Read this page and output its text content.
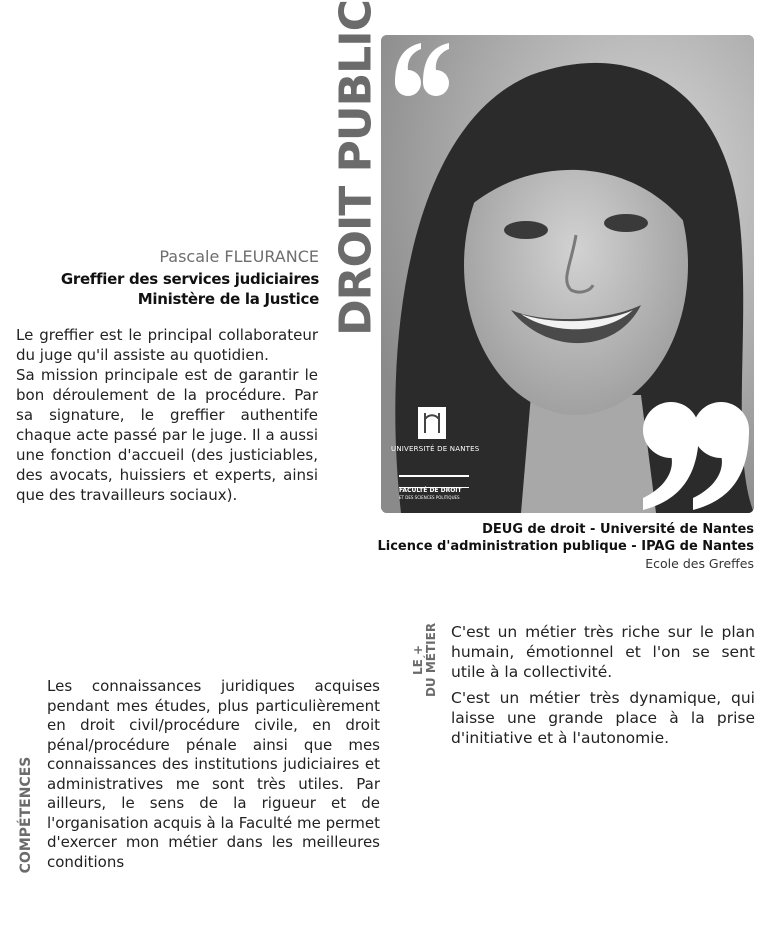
DROIT PUBLIC
Pascale FLEURANCE
Greffier des services judiciaires
Ministère de la Justice

Le greffier est le principal collaborateur du juge qu'il assiste au quotidien.

Sa mission principale est de garantir le bon déroulement de la procédure. Par sa signature, le greffier authentife chaque acte passé par le juge. Il a aussi une fonction d'accueil (des justiciables, des avocats, huissiers et experts, ainsi que des travailleurs sociaux).

UNIVERSITÉ DE NANTES
FACULTÉ DE DROIT
ET DES SCIENCES POLITIQUES
DEUG de droit - Université de Nantes
Licence d'administration publique - IPAG de Nantes
Ecole des Greffes
LE + DU MÉTIER C'est un métier très riche sur le plan humain, émotionnel et l'on se sent utile à la collectivité.

C'est un métier très dynamique, qui laisse une grande place à la prise d'initiative et à l'autonomie.

COMPÉTENCES

Les connaissances juridiques acquises pendant mes études, plus particulièrement en droit civil/procédure civile, en droit pénal/procédure pénale ainsi que mes connaissances des institutions judiciaires et administratives me sont très utiles. Par ailleurs, le sens de la rigueur et de l'organisation acquis à la Faculté me permet d'exercer mon métier dans les meilleures conditions
